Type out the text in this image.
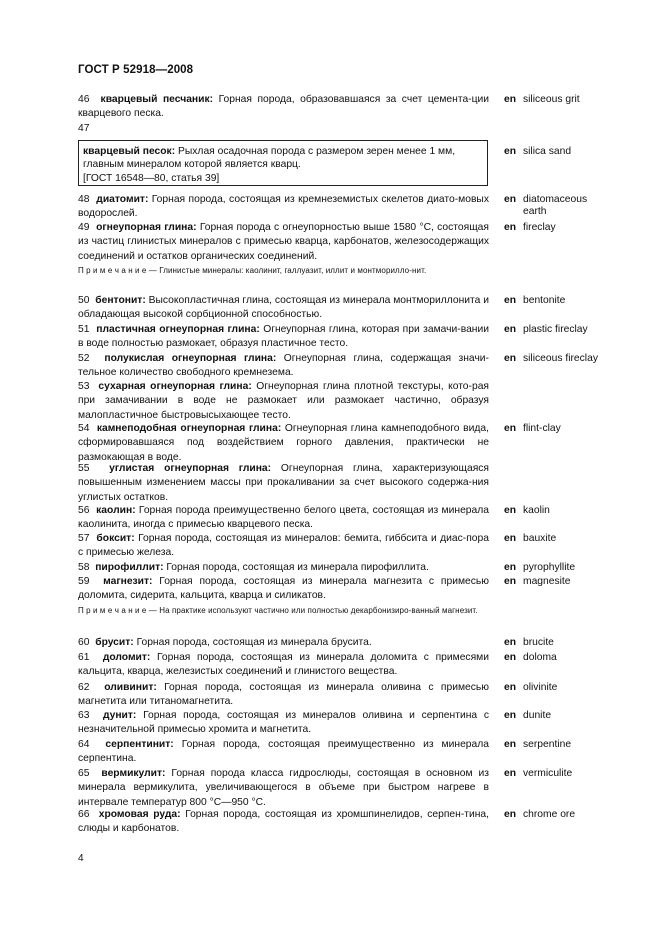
ГОСТ Р 52918—2008
46 кварцевый песчаник: Горная порода, образовавшаяся за счет цемента-ции кварцевого песка.
en siliceous grit
47
кварцевый песок: Рыхлая осадочная порода с размером зерен менее 1 мм, главным минералом которой является кварц.
[ГОСТ 16548—80, статья 39]
en silica sand
48 диатомит: Горная порода, состоящая из кремнеземистых скелетов диато-мовых водорослей.
en diatomaceous earth
49 огнеупорная глина: Горная порода с огнеупорностью выше 1580 °С, состоящая из частиц глинистых минералов с примесью кварца, карбонатов, железосодержащих соединений и остатков органических соединений.
en fireclay
П р и м е ч а н и е — Глинистые минералы: каолинит, галлуазит, иллит и монтморилло-нит.
50 бентонит: Высокопластичная глина, состоящая из минерала монтмориллонита и обладающая высокой сорбционной способностью.
en bentonite
51 пластичная огнеупорная глина: Огнеупорная глина, которая при замачи-вании в воде полностью размокает, образуя пластичное тесто.
en plastic fireclay
52 полукислая огнеупорная глина: Огнеупорная глина, содержащая значи-тельное количество свободного кремнезема.
en siliceous fireclay
53 сухарная огнеупорная глина: Огнеупорная глина плотной текстуры, кото-рая при замачивании в воде не размокает или размокает частично, образуя малопластичное быстровысыхающее тесто.
54 камнеподобная огнеупорная глина: Огнеупорная глина камнеподобного вида, сформировавшаяся под воздействием горного давления, практически не размокающая в воде.
en flint-clay
55 углистая огнеупорная глина: Огнеупорная глина, характеризующаяся повышенным изменением массы при прокаливании за счет высокого содержа-ния углистых остатков.
56 каолин: Горная порода преимущественно белого цвета, состоящая из минерала каолинита, иногда с примесью кварцевого песка.
en kaolin
57 боксит: Горная порода, состоящая из минералов: бемита, гиббсита и диас-пора с примесью железа.
en bauxite
58 пирофиллит: Горная порода, состоящая из минерала пирофиллита.	en pyrophyllite
59 магнезит: Горная порода, состоящая из минерала магнезита с примесью доломита, сидерита, кальцита, кварца и силикатов.
en magnesite
П р и м е ч а н и е — На практике используют частично или полностью декарбонизиро-ванный магнезит.
60 брусит: Горная порода, состоящая из минерала брусита.	en brucite
61 доломит: Горная порода, состоящая из минерала доломита с примесями кальцита, кварца, железистых соединений и глинистого вещества.
en doloma
62 оливинит: Горная порода, состоящая из минерала оливина с примесью магнетита или титаномагнетита.
en olivinite
63 дунит: Горная порода, состоящая из минералов оливина и серпентина с незначительной примесью хромита и магнетита.
en dunite
64 серпентинит: Горная порода, состоящая преимущественно из минерала серпентина.
en serpentine
65 вермикулит: Горная порода класса гидрослюды, состоящая в основном из минерала вермикулита, увеличивающегося в объеме при быстром нагреве в интервале температур 800 °С—950 °С.
en vermiculite
66 хромовая руда: Горная порода, состоящая из хромшпинелидов, серпен-тина, слюды и карбонатов.
en chrome ore
4
